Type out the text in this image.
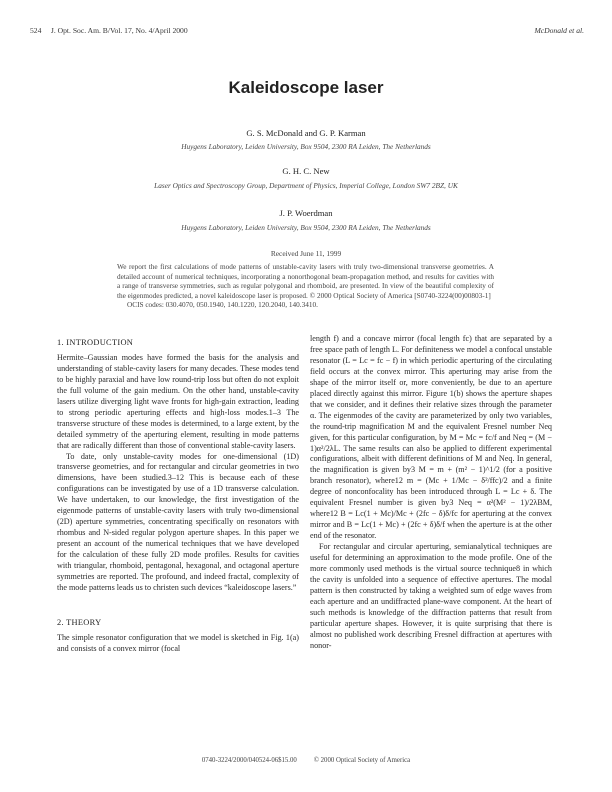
524     J. Opt. Soc. Am. B/Vol. 17, No. 4/April 2000	McDonald et al.
Kaleidoscope laser
G. S. McDonald and G. P. Karman
Huygens Laboratory, Leiden University, Box 9504, 2300 RA Leiden, The Netherlands
G. H. C. New
Laser Optics and Spectroscopy Group, Department of Physics, Imperial College, London SW7 2BZ, UK
J. P. Woerdman
Huygens Laboratory, Leiden University, Box 9504, 2300 RA Leiden, The Netherlands
Received June 11, 1999

We report the first calculations of mode patterns of unstable-cavity lasers with truly two-dimensional transverse geometries. A detailed account of numerical techniques, incorporating a nonorthogonal beam-propagation method, and results for cavities with a range of transverse symmetries, such as regular polygonal and rhomboid, are presented. In view of the beautiful complexity of the eigenmodes predicted, a novel kaleidoscope laser is proposed. © 2000 Optical Society of America [S0740-3224(00)00803-1]

OCIS codes: 030.4070, 050.1940, 140.1220, 120.2040, 140.3410.

1. INTRODUCTION

Hermite–Gaussian modes have formed the basis for the analysis and understanding of stable-cavity lasers for many decades. These modes tend to be highly paraxial and have low round-trip loss but often do not exploit the full volume of the gain medium. On the other hand, unstable-cavity lasers utilize diverging light wave fronts for high-gain extraction, leading to strong periodic aperturing effects and high-loss modes.1–3 The transverse structure of these modes is determined, to a large extent, by the detailed symmetry of the aperturing element, resulting in mode patterns that are radically different than those of conventional stable-cavity lasers.

To date, only unstable-cavity modes for one-dimensional (1D) transverse geometries, and for rectangular and circular geometries in two dimensions, have been studied.3–12 This is because each of these configurations can be investigated by use of a 1D transverse calculation. We have undertaken, to our knowledge, the first investigation of the eigenmode patterns of unstable-cavity lasers with truly two-dimensional (2D) aperture symmetries, concentrating specifically on resonators with rhombus and N-sided regular polygon aperture shapes. In this paper we present an account of the numerical techniques that we have developed for the calculation of these fully 2D mode profiles. Results for cavities with triangular, rhomboid, pentagonal, hexagonal, and octagonal aperture symmetries are reported. The profound, and indeed fractal, complexity of the mode patterns leads us to christen such devices “kaleidoscope lasers.”

2. THEORY

The simple resonator configuration that we model is sketched in Fig. 1(a) and consists of a convex mirror (focal

length f) and a concave mirror (focal length fc) that are separated by a free space path of length L. For definiteness we model a confocal unstable resonator (L = Lc = fc − f) in which periodic aperturing of the circulating field occurs at the convex mirror. This aperturing may arise from the shape of the mirror itself or, more conveniently, be due to an aperture placed directly against this mirror. Figure 1(b) shows the aperture shapes that we consider, and it defines their relative sizes through the parameter α. The eigenmodes of the cavity are parameterized by only two variables, the round-trip magnification M and the equivalent Fresnel number Neq given, for this particular configuration, by M = Mc = fc/f and Neq = (M − 1)α²/2λL. The same results can also be applied to different experimental configurations, albeit with different definitions of M and Neq. In general, the magnification is given by3 M = m + (m² − 1)^1/2 (for a positive branch resonator), where12 m = (Mc + 1/Mc − δ²/ffc)/2 and a finite degree of nonconfocality has been introduced through L = Lc + δ. The equivalent Fresnel number is given by3 Neq = α²(M² − 1)/2λBM, where12 B = Lc(1 + Mc)/Mc + (2fc − δ)δ/fc for aperturing at the convex mirror and B = Lc(1 + Mc) + (2fc + δ)δ/f when the aperture is at the other end of the resonator.

For rectangular and circular aperturing, semianalytical techniques are useful for determining an approximation to the mode profile. One of the more commonly used methods is the virtual source technique8 in which the cavity is unfolded into a sequence of effective apertures. The modal pattern is then constructed by taking a weighted sum of edge waves from each aperture and an undiffracted plane-wave component. At the heart of such methods is knowledge of the diffraction patterns that result from particular aperture shapes. However, it is quite surprising that there is almost no published work describing Fresnel diffraction at apertures with nonor-

0740-3224/2000/040524-06$15.00          © 2000 Optical Society of America
